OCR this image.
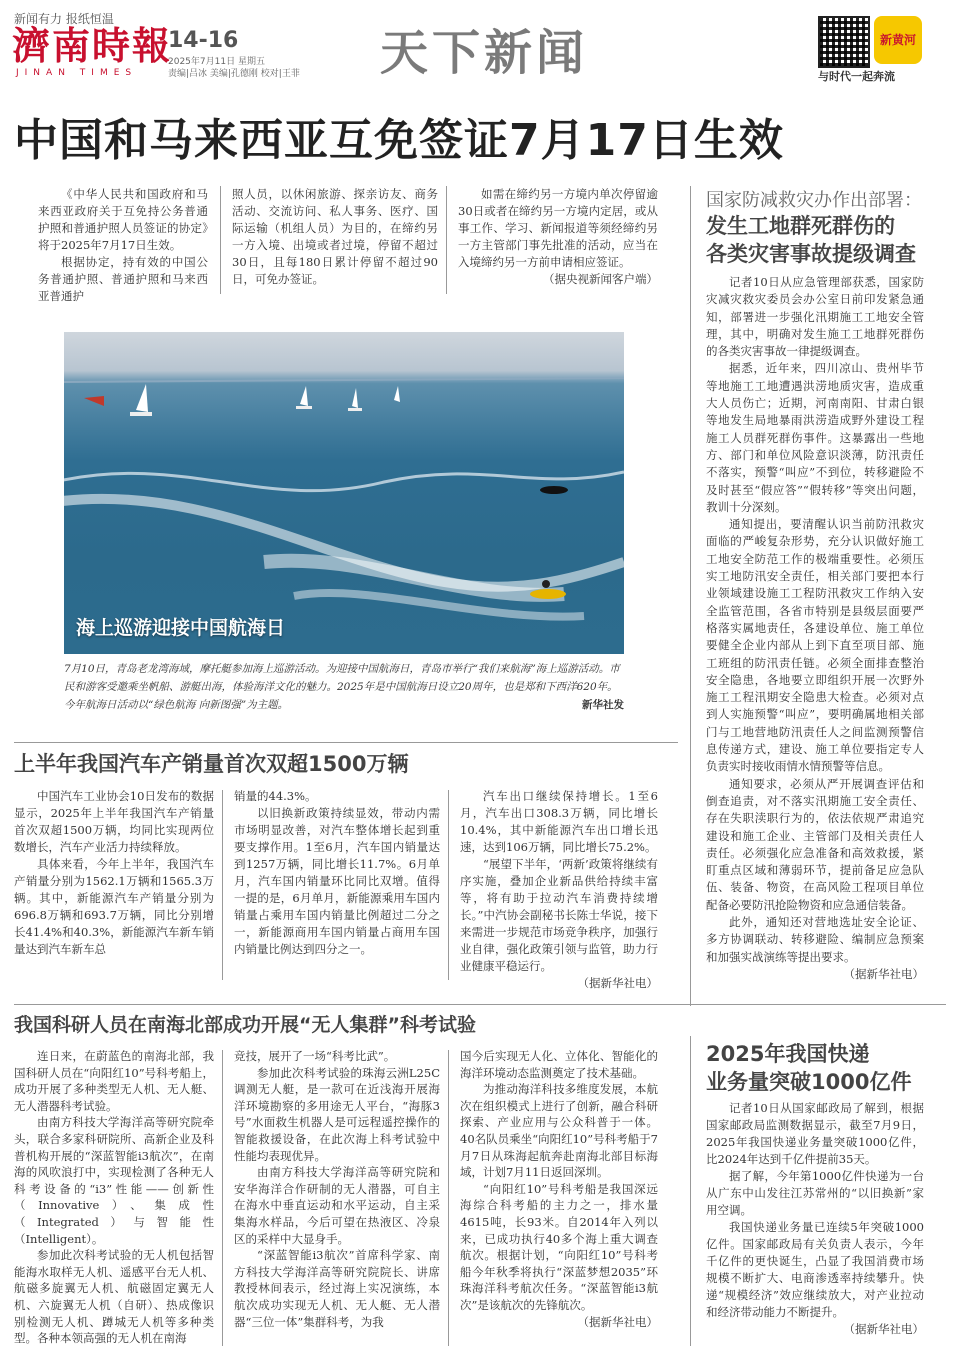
新闻有力 报纸恒温
濟南時報
JINAN TIMES
14-16
2025年7月11日 星期五
责编|吕冰 美编|孔德刚 校对|王菲 天下新闻	新黄河
与时代一起奔流
中国和马来西亚互免签证7月17日生效

《中华人民共和国政府和马来西亚政府关于互免持公务普通护照和普通护照人员签证的协定》将于2025年7月17日生效。

根据协定，持有效的中国公务普通护照、普通护照和马来西亚普通护

照人员，以休闲旅游、探亲访友、商务活动、交流访问、私人事务、医疗、国际运输（机组人员）为目的，在缔约另一方入境、出境或者过境，停留不超过30日，且每180日累计停留不超过90日，可免办签证。

如需在缔约另一方境内单次停留逾30日或者在缔约另一方境内定居，或从事工作、学习、新闻报道等须经缔约另一方主管部门事先批准的活动，应当在入境缔约另一方前申请相应签证。

（据央视新闻客户端）

海上巡游迎接中国航海日
7月10日，青岛老龙湾海域，摩托艇参加海上巡游活动。为迎接中国航海日，青岛市举行“我们来航海”海上巡游活动。市民和游客受邀乘坐帆船、游艇出海，体验海洋文化的魅力。2025年是中国航海日设立20周年，也是郑和下西洋620年。今年航海日活动以“绿色航海 向新图强”为主题。	新华社发
国家防减救灾办作出部署：
发生工地群死群伤的
各类灾害事故提级调查

记者10日从应急管理部获悉，国家防灾减灾救灾委员会办公室日前印发紧急通知，部署进一步强化汛期施工工地安全管理，其中，明确对发生施工工地群死群伤的各类灾害事故一律提级调查。

据悉，近年来，四川凉山、贵州毕节等地施工工地遭遇洪涝地质灾害，造成重大人员伤亡；近期，河南南阳、甘肃白银等地发生局地暴雨洪涝造成野外建设工程施工人员群死群伤事件。这暴露出一些地方、部门和单位风险意识淡薄，防汛责任不落实，预警“叫应”不到位，转移避险不及时甚至“假应答”“假转移”等突出问题，教训十分深刻。

通知提出，要清醒认识当前防汛救灾面临的严峻复杂形势，充分认识做好施工工地安全防范工作的极端重要性。必须压实工地防汛安全责任，相关部门要把本行业领域建设施工工程防汛救灾工作纳入安全监管范围，各省市特别是县级层面要严格落实属地责任，各建设单位、施工单位要健全企业内部从上到下直至项目部、施工班组的防汛责任链。必须全面排查整治安全隐患，各地要立即组织开展一次野外施工工程汛期安全隐患大检查。必须对点到人实施预警“叫应”，要明确属地相关部门与工地营地防汛责任人之间监测预警信息传递方式，建设、施工单位要指定专人负责实时接收雨情水情预警等信息。

通知要求，必须从严开展调查评估和倒查追责，对不落实汛期施工安全责任、存在失职渎职行为的，依法依规严肃追究建设和施工企业、主管部门及相关责任人责任。必须强化应急准备和高效救援，紧盯重点区域和薄弱环节，提前备足应急队伍、装备、物资，在高风险工程项目单位配备必要防汛抢险物资和应急通信装备。

此外，通知还对营地选址安全论证、多方协调联动、转移避险、编制应急预案和加强实战演练等提出要求。

（据新华社电）

上半年我国汽车产销量首次双超1500万辆

中国汽车工业协会10日发布的数据显示，2025年上半年我国汽车产销量首次双超1500万辆，均同比实现两位数增长，汽车产业活力持续释放。

具体来看，今年上半年，我国汽车产销量分别为1562.1万辆和1565.3万辆。其中，新能源汽车产销量分别为696.8万辆和693.7万辆，同比分别增长41.4%和40.3%，新能源汽车新车销量达到汽车新车总

销量的44.3%。

以旧换新政策持续显效，带动内需市场明显改善，对汽车整体增长起到重要支撑作用。1至6月，汽车国内销量达到1257万辆，同比增长11.7%。6月单月，汽车国内销量环比同比双增。值得一提的是，6月单月，新能源乘用车国内销量占乘用车国内销量比例超过二分之一，新能源商用车国内销量占商用车国内销量比例达到四分之一。

汽车出口继续保持增长。1至6月，汽车出口308.3万辆，同比增长10.4%，其中新能源汽车出口增长迅速，达到106万辆，同比增长75.2%。

“展望下半年，‘两新’政策将继续有序实施，叠加企业新品供给持续丰富等，将有助于拉动汽车消费持续增长。”中汽协会副秘书长陈士华说，接下来需进一步规范市场竞争秩序，加强行业自律，强化政策引领与监管，助力行业健康平稳运行。

（据新华社电）

我国科研人员在南海北部成功开展“无人集群”科考试验

连日来，在蔚蓝色的南海北部，我国科研人员在“向阳红10”号科考船上，成功开展了多种类型无人机、无人艇、无人潜器科考试验。

由南方科技大学海洋高等研究院牵头，联合多家科研院所、高新企业及科普机构开展的“深蓝智能i3航次”，在南海的风吹浪打中，实现检测了各种无人科考设备的“i3”性能——创新性（Innovative）、集成性（Integrated）与智能性（Intelligent）。

参加此次科考试验的无人机包括智能海水取样无人机、遥感平台无人机、航磁多旋翼无人机、航磁固定翼无人机、六旋翼无人机（自研）、热成像识别检测无人机、蹲城无人机等多种类型。各种本领高强的无人机在南海

竞技，展开了一场“科考比武”。

参加此次科考试验的珠海云洲L25C调测无人艇，是一款可在近浅海开展海洋环境勘察的多用途无人平台，“海豚3号”水面救生机器人是可远程遥控操作的智能救援设备，在此次海上科考试验中性能均表现优异。

由南方科技大学海洋高等研究院和安华海洋合作研制的无人潜器，可自主在海水中垂直运动和水平运动，自主采集海水样品，今后可望在热液区、冷泉区的采样中大显身手。

“深蓝智能i3航次”首席科学家、南方科技大学海洋高等研究院院长、讲席教授林间表示，经过海上实况演练，本航次成功实现无人机、无人艇、无人潜器“三位一体”集群科考，为我

国今后实现无人化、立体化、智能化的海洋环境动态监测奠定了技术基础。

为推动海洋科技多维度发展，本航次在组织模式上进行了创新，融合科研探索、产业应用与公众科普于一体。40名队员乘坐“向阳红10”号科考船于7月7日从珠海起航奔赴南海北部目标海域，计划7月11日返回深圳。

“向阳红10”号科考船是我国深远海综合科考船的主力之一，排水量4615吨，长93米。自2014年入列以来，已成功执行40多个海上重大调查航次。根据计划，“向阳红10”号科考船今年秋季将执行“深蓝梦想2035”环珠海洋科考航次任务。“深蓝智能i3航次”是该航次的先锋航次。

（据新华社电）

2025年我国快递
业务量突破1000亿件

记者10日从国家邮政局了解到，根据国家邮政局监测数据显示，截至7月9日，2025年我国快递业务量突破1000亿件，比2024年达到千亿件提前35天。

据了解，今年第1000亿件快递为一台从广东中山发往江苏常州的“以旧换新”家用空调。

我国快递业务量已连续5年突破1000亿件。国家邮政局有关负责人表示，今年千亿件的更快诞生，凸显了我国消费市场规模不断扩大、电商渗透率持续攀升。快递“规模经济”效应继续放大，对产业拉动和经济带动能力不断提升。

（据新华社电）
